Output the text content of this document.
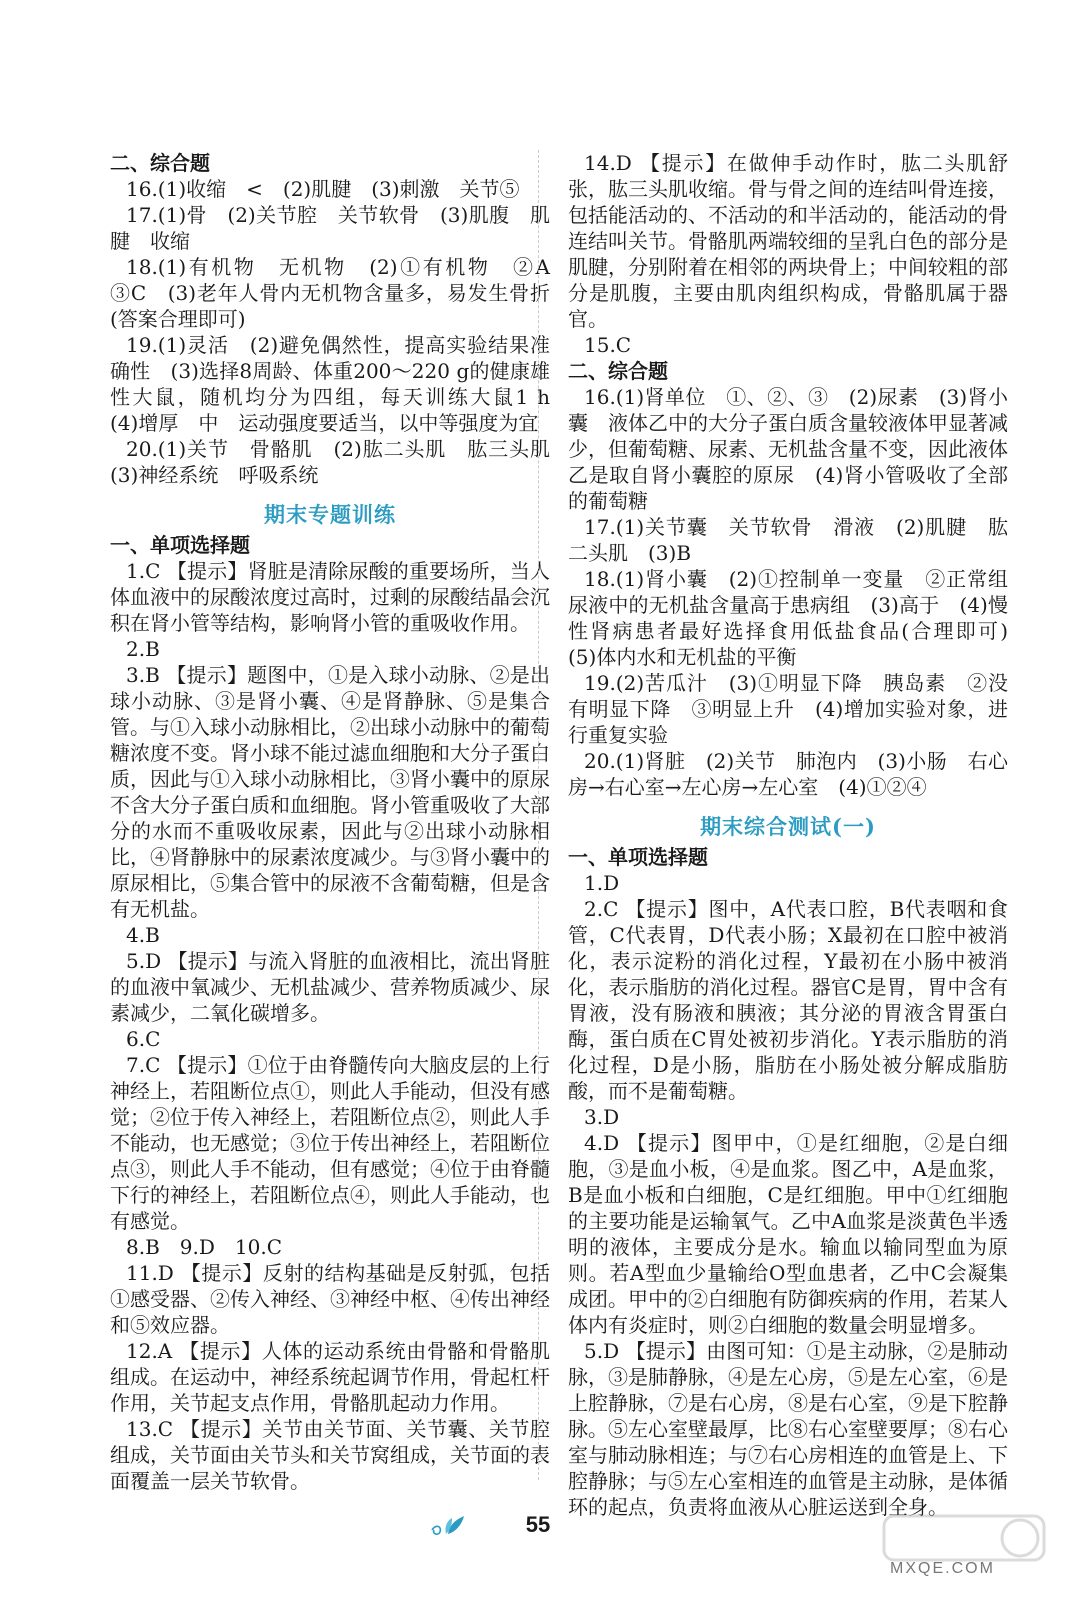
二、综合题

16.(1)收缩　<　(2)肌腱　(3)刺激　关节⑤

17.(1)骨　(2)关节腔　关节软骨　(3)肌腹　肌腱　收缩

18.(1)有机物　无机物　(2)①有机物　②A　③C　(3)老年人骨内无机物含量多，易发生骨折(答案合理即可)

19.(1)灵活　(2)避免偶然性，提高实验结果准确性　(3)选择8周龄、体重200～220 g的健康雄性大鼠，随机均分为四组，每天训练大鼠1 h　(4)增厚　中　运动强度要适当，以中等强度为宜

20.(1)关节　骨骼肌　(2)肱二头肌　肱三头肌　(3)神经系统　呼吸系统

期末专题训练

一、单项选择题

1.C 【提示】肾脏是清除尿酸的重要场所，当人体血液中的尿酸浓度过高时，过剩的尿酸结晶会沉积在肾小管等结构，影响肾小管的重吸收作用。

2.B

3.B 【提示】题图中，①是入球小动脉、②是出球小动脉、③是肾小囊、④是肾静脉、⑤是集合管。与①入球小动脉相比，②出球小动脉中的葡萄糖浓度不变。肾小球不能过滤血细胞和大分子蛋白质，因此与①入球小动脉相比，③肾小囊中的原尿不含大分子蛋白质和血细胞。肾小管重吸收了大部分的水而不重吸收尿素，因此与②出球小动脉相比，④肾静脉中的尿素浓度减少。与③肾小囊中的原尿相比，⑤集合管中的尿液不含葡萄糖，但是含有无机盐。

4.B

5.D 【提示】与流入肾脏的血液相比，流出肾脏的血液中氧减少、无机盐减少、营养物质减少、尿素减少，二氧化碳增多。

6.C

7.C 【提示】①位于由脊髓传向大脑皮层的上行神经上，若阻断位点①，则此人手能动，但没有感觉；②位于传入神经上，若阻断位点②，则此人手不能动，也无感觉；③位于传出神经上，若阻断位点③，则此人手不能动，但有感觉；④位于由脊髓下行的神经上，若阻断位点④，则此人手能动，也有感觉。

8.B　9.D　10.C

11.D 【提示】反射的结构基础是反射弧，包括①感受器、②传入神经、③神经中枢、④传出神经和⑤效应器。

12.A 【提示】人体的运动系统由骨骼和骨骼肌组成。在运动中，神经系统起调节作用，骨起杠杆作用，关节起支点作用，骨骼肌起动力作用。

13.C 【提示】关节由关节面、关节囊、关节腔组成，关节面由关节头和关节窝组成，关节面的表面覆盖一层关节软骨。

14.D 【提示】在做伸手动作时，肱二头肌舒张，肱三头肌收缩。骨与骨之间的连结叫骨连接，包括能活动的、不活动的和半活动的，能活动的骨连结叫关节。骨骼肌两端较细的呈乳白色的部分是肌腱，分别附着在相邻的两块骨上；中间较粗的部分是肌腹，主要由肌肉组织构成，骨骼肌属于器官。

15.C

二、综合题

16.(1)肾单位　①、②、③　(2)尿素　(3)肾小囊　液体乙中的大分子蛋白质含量较液体甲显著减少，但葡萄糖、尿素、无机盐含量不变，因此液体乙是取自肾小囊腔的原尿　(4)肾小管吸收了全部的葡萄糖

17.(1)关节囊　关节软骨　滑液　(2)肌腱　肱二头肌　(3)B

18.(1)肾小囊　(2)①控制单一变量　②正常组尿液中的无机盐含量高于患病组　(3)高于　(4)慢性肾病患者最好选择食用低盐食品(合理即可)　(5)体内水和无机盐的平衡

19.(2)苦瓜汁　(3)①明显下降　胰岛素　②没有明显下降　③明显上升　(4)增加实验对象，进行重复实验

20.(1)肾脏　(2)关节　肺泡内　(3)小肠　右心房→右心室→左心房→左心室　(4)①②④

期末综合测试(一)

一、单项选择题

1.D

2.C 【提示】图中，A代表口腔，B代表咽和食管，C代表胃，D代表小肠；X最初在口腔中被消化，表示淀粉的消化过程，Y最初在小肠中被消化，表示脂肪的消化过程。器官C是胃，胃中含有胃液，没有肠液和胰液；其分泌的胃液含胃蛋白酶，蛋白质在C胃处被初步消化。Y表示脂肪的消化过程，D是小肠，脂肪在小肠处被分解成脂肪酸，而不是葡萄糖。

3.D

4.D 【提示】图甲中，①是红细胞，②是白细胞，③是血小板，④是血浆。图乙中，A是血浆，B是血小板和白细胞，C是红细胞。甲中①红细胞的主要功能是运输氧气。乙中A血浆是淡黄色半透明的液体，主要成分是水。输血以输同型血为原则。若A型血少量输给O型血患者，乙中C会凝集成团。甲中的②白细胞有防御疾病的作用，若某人体内有炎症时，则②白细胞的数量会明显增多。

5.D 【提示】由图可知：①是主动脉，②是肺动脉，③是肺静脉，④是左心房，⑤是左心室，⑥是上腔静脉，⑦是右心房，⑧是右心室，⑨是下腔静脉。⑤左心室壁最厚，比⑧右心室壁要厚；⑧右心室与肺动脉相连；与⑦右心房相连的血管是上、下腔静脉；与⑤左心室相连的血管是主动脉，是体循环的起点，负责将血液从心脏运送到全身。

55
MXQE.COM
